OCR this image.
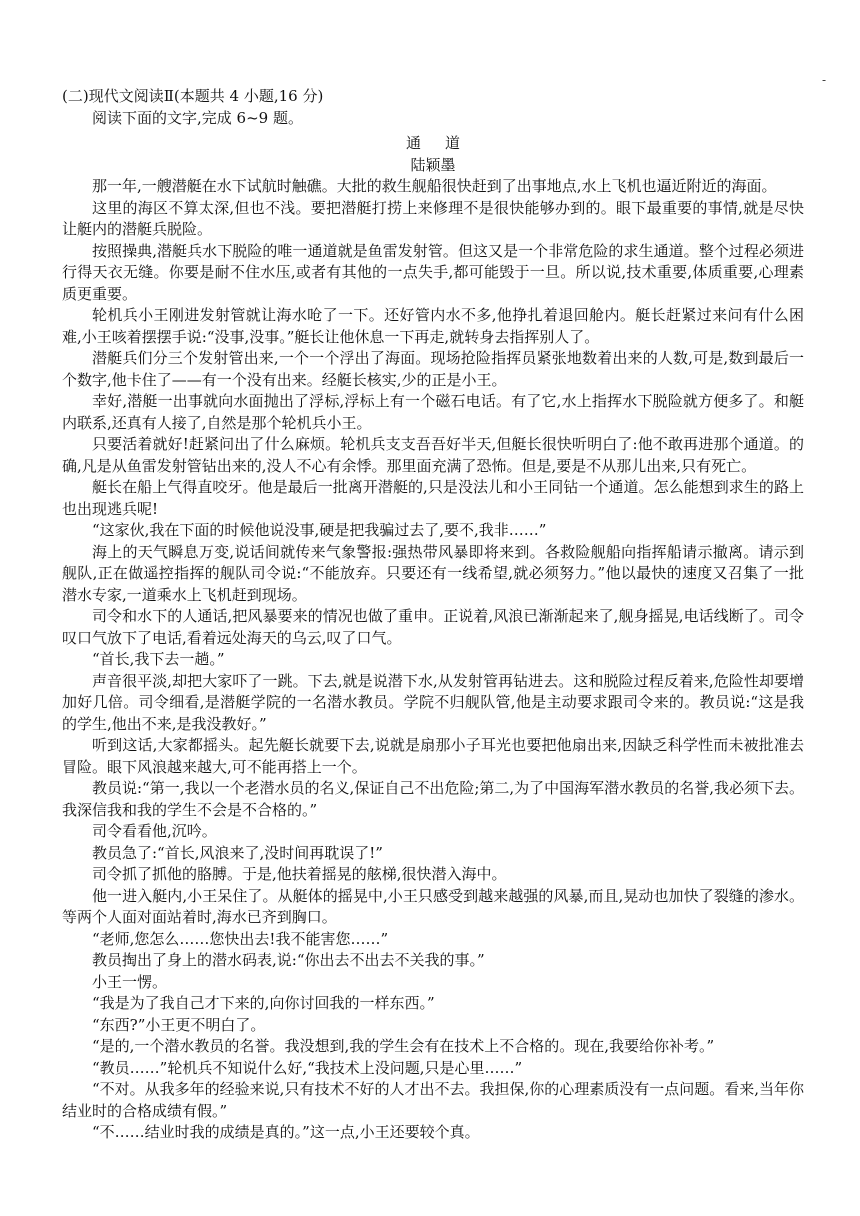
-

(二)现代文阅读Ⅱ(本题共 4 小题,16 分)

阅读下面的文字,完成 6~9 题。

通道

陆颖墨

那一年,一艘潜艇在水下试航时触礁。大批的救生舰船很快赶到了出事地点,水上飞机也逼近附近的海面。

这里的海区不算太深,但也不浅。要把潜艇打捞上来修理不是很快能够办到的。眼下最重要的事情,就是尽快让艇内的潜艇兵脱险。

按照操典,潜艇兵水下脱险的唯一通道就是鱼雷发射管。但这又是一个非常危险的求生通道。整个过程必须进行得天衣无缝。你要是耐不住水压,或者有其他的一点失手,都可能毁于一旦。所以说,技术重要,体质重要,心理素质更重要。

轮机兵小王刚进发射管就让海水呛了一下。还好管内水不多,他挣扎着退回舱内。艇长赶紧过来问有什么困难,小王咳着摆摆手说:“没事,没事。”艇长让他休息一下再走,就转身去指挥别人了。

潜艇兵们分三个发射管出来,一个一个浮出了海面。现场抢险指挥员紧张地数着出来的人数,可是,数到最后一个数字,他卡住了——有一个没有出来。经艇长核实,少的正是小王。

幸好,潜艇一出事就向水面抛出了浮标,浮标上有一个磁石电话。有了它,水上指挥水下脱险就方便多了。和艇内联系,还真有人接了,自然是那个轮机兵小王。

只要活着就好!赶紧问出了什么麻烦。轮机兵支支吾吾好半天,但艇长很快听明白了:他不敢再进那个通道。的确,凡是从鱼雷发射管钻出来的,没人不心有余悸。那里面充满了恐怖。但是,要是不从那儿出来,只有死亡。

艇长在船上气得直咬牙。他是最后一批离开潜艇的,只是没法儿和小王同钻一个通道。怎么能想到求生的路上也出现逃兵呢!

“这家伙,我在下面的时候他说没事,硬是把我骗过去了,要不,我非……”

海上的天气瞬息万变,说话间就传来气象警报:强热带风暴即将来到。各救险舰船向指挥船请示撤离。请示到舰队,正在做遥控指挥的舰队司令说:“不能放弃。只要还有一线希望,就必须努力。”他以最快的速度又召集了一批潜水专家,一道乘水上飞机赶到现场。

司令和水下的人通话,把风暴要来的情况也做了重申。正说着,风浪已渐渐起来了,舰身摇晃,电话线断了。司令叹口气放下了电话,看着远处海天的乌云,叹了口气。

“首长,我下去一趟。”

声音很平淡,却把大家吓了一跳。下去,就是说潜下水,从发射管再钻进去。这和脱险过程反着来,危险性却要增加好几倍。司令细看,是潜艇学院的一名潜水教员。学院不归舰队管,他是主动要求跟司令来的。教员说:“这是我的学生,他出不来,是我没教好。”

听到这话,大家都摇头。起先艇长就要下去,说就是扇那小子耳光也要把他扇出来,因缺乏科学性而未被批准去冒险。眼下风浪越来越大,可不能再搭上一个。

教员说:“第一,我以一个老潜水员的名义,保证自己不出危险;第二,为了中国海军潜水教员的名誉,我必须下去。我深信我和我的学生不会是不合格的。”

司令看看他,沉吟。

教员急了:“首长,风浪来了,没时间再耽误了!”

司令抓了抓他的胳膊。于是,他扶着摇晃的舷梯,很快潜入海中。

他一进入艇内,小王呆住了。从艇体的摇晃中,小王只感受到越来越强的风暴,而且,晃动也加快了裂缝的渗水。等两个人面对面站着时,海水已齐到胸口。

“老师,您怎么……您快出去!我不能害您……”

教员掏出了身上的潜水码表,说:“你出去不出去不关我的事。”

小王一愣。

“我是为了我自己才下来的,向你讨回我的一样东西。”

“东西?”小王更不明白了。

“是的,一个潜水教员的名誉。我没想到,我的学生会有在技术上不合格的。现在,我要给你补考。”

“教员……”轮机兵不知说什么好,“我技术上没问题,只是心里……”

“不对。从我多年的经验来说,只有技术不好的人才出不去。我担保,你的心理素质没有一点问题。看来,当年你结业时的合格成绩有假。”

“不……结业时我的成绩是真的。”这一点,小王还要较个真。
